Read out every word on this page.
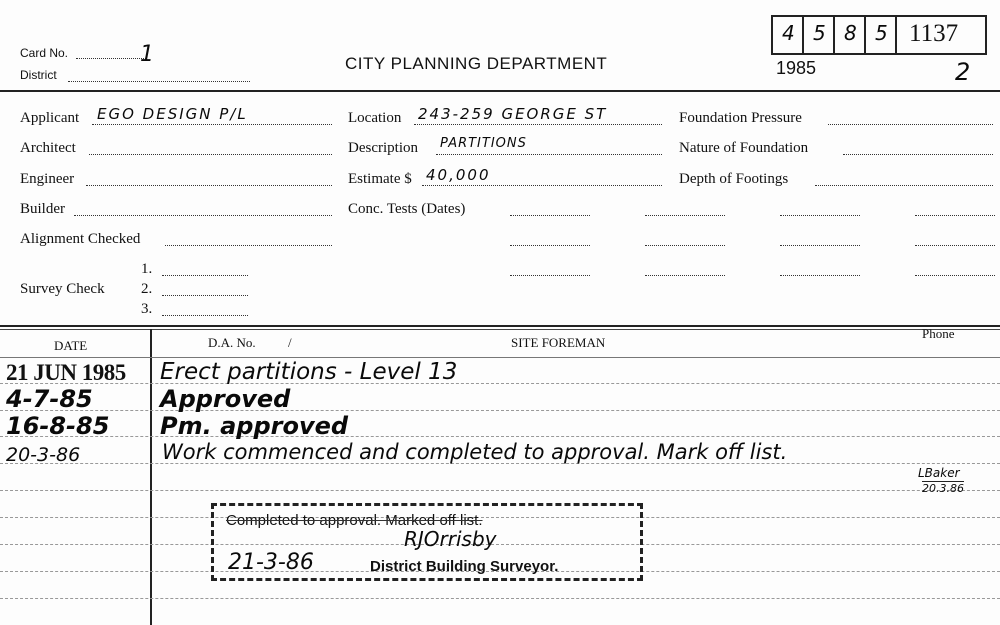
Card No.	1
District
CITY PLANNING DEPARTMENT
4 5 8 5 1137
1985	2
Applicant EGO DESIGN P/L
Architect
Engineer
Builder
Alignment Checked
Survey Check
1.
2.
3.
Location 243-259 GEORGE ST
Description PARTITIONS
Estimate $ 40,000
Conc. Tests (Dates)
Foundation Pressure
Nature of Foundation
Depth of Footings
DATE	D.A. No. /	SITE FOREMAN
Phone
21 JUN 1985 Erect partitions - Level 13
4-7-85	Approved
16-8-85 Pm. approved
20-3-86	Work commenced and completed to approval. Mark off list.
LBaker
20.3.86
Completed to approval. Marked off list.
RJOrrisby
21-3-86	District Building Surveyor.
